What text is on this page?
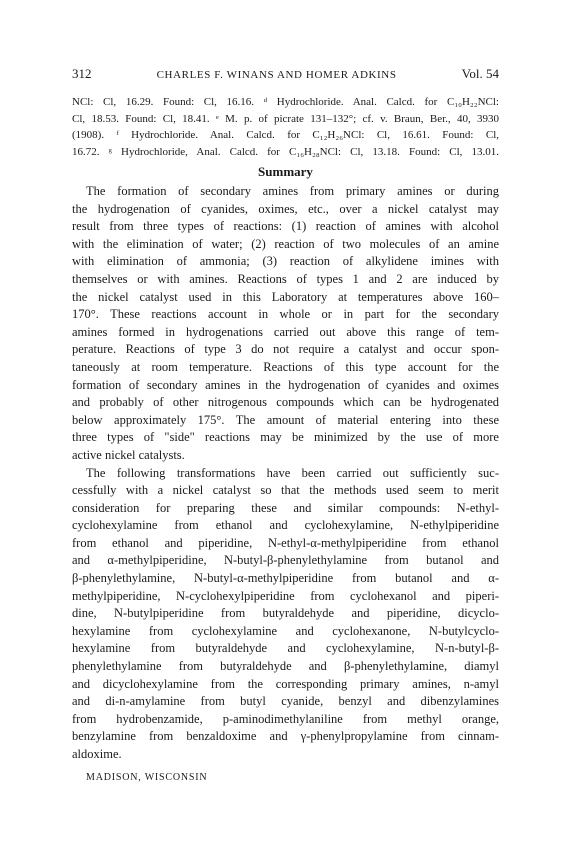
312	CHARLES F. WINANS AND HOMER ADKINS	Vol. 54
NCl: Cl, 16.29. Found: Cl, 16.16. ᵈ Hydrochloride. Anal. Calcd. for C₁₀H₂₂NCl:
Cl, 18.53. Found: Cl, 18.41. ᵉ M. p. of picrate 131–132°; cf. v. Braun, Ber., 40, 3930
(1908). ᶠ Hydrochloride. Anal. Calcd. for C₁₂H₂₆NCl: Cl, 16.61. Found: Cl,
16.72. ᵍ Hydrochloride, Anal. Calcd. for C₁₆H₂₈NCl: Cl, 13.18. Found: Cl, 13.01.
Summary
The formation of secondary amines from primary amines or during
the hydrogenation of cyanides, oximes, etc., over a nickel catalyst may
result from three types of reactions: (1) reaction of amines with alcohol
with the elimination of water; (2) reaction of two molecules of an amine
with elimination of ammonia; (3) reaction of alkylidene imines with
themselves or with amines. Reactions of types 1 and 2 are induced by
the nickel catalyst used in this Laboratory at temperatures above 160–
170°. These reactions account in whole or in part for the secondary
amines formed in hydrogenations carried out above this range of tem-
perature. Reactions of type 3 do not require a catalyst and occur spon-
taneously at room temperature. Reactions of this type account for the
formation of secondary amines in the hydrogenation of cyanides and oximes
and probably of other nitrogenous compounds which can be hydrogenated
below approximately 175°. The amount of material entering into these
three types of "side" reactions may be minimized by the use of more
active nickel catalysts.
The following transformations have been carried out sufficiently suc-
cessfully with a nickel catalyst so that the methods used seem to merit
consideration for preparing these and similar compounds: N-ethyl-
cyclohexylamine from ethanol and cyclohexylamine, N-ethylpiperidine
from ethanol and piperidine, N-ethyl-α-methylpiperidine from ethanol
and α-methylpiperidine, N-butyl-β-phenylethylamine from butanol and
β-phenylethylamine, N-butyl-α-methylpiperidine from butanol and α-
methylpiperidine, N-cyclohexylpiperidine from cyclohexanol and piperi-
dine, N-butylpiperidine from butyraldehyde and piperidine, dicyclo-
hexylamine from cyclohexylamine and cyclohexanone, N-butylcyclo-
hexylamine from butyraldehyde and cyclohexylamine, N-n-butyl-β-
phenylethylamine from butyraldehyde and β-phenylethylamine, diamyl
and dicyclohexylamine from the corresponding primary amines, n-amyl
and di-n-amylamine from butyl cyanide, benzyl and dibenzylamines
from hydrobenzamide, p-aminodimethylaniline from methyl orange,
benzylamine from benzaldoxime and γ-phenylpropylamine from cinnam-
aldoxime.
MADISON, WISCONSIN
